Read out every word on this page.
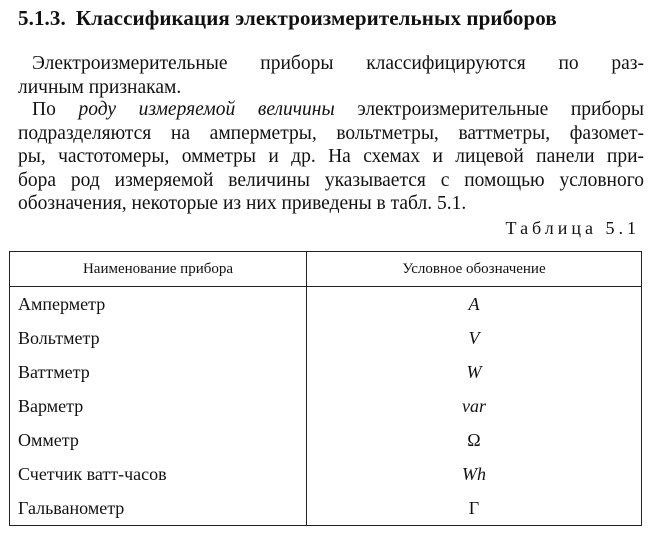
5.1.3. Классификация электроизмерительных приборов
Электроизмерительные приборы классифицируются по раз-
личным признакам.
По роду измеряемой величины электроизмерительные приборы
подразделяются на амперметры, вольтметры, ваттметры, фазомет-
ры, частотомеры, омметры и др. На схемах и лицевой панели при-
бора род измеряемой величины указывается с помощью условного
обозначения, некоторые из них приведены в табл. 5.1.
Таблица 5.1
Наименование прибора	Условное обозначение
Амперметр	A
Вольтметр	V
Ваттметр	W
Варметр	var
Омметр	Ω
Счетчик ватт-часов	Wh
Гальванометр	Г
